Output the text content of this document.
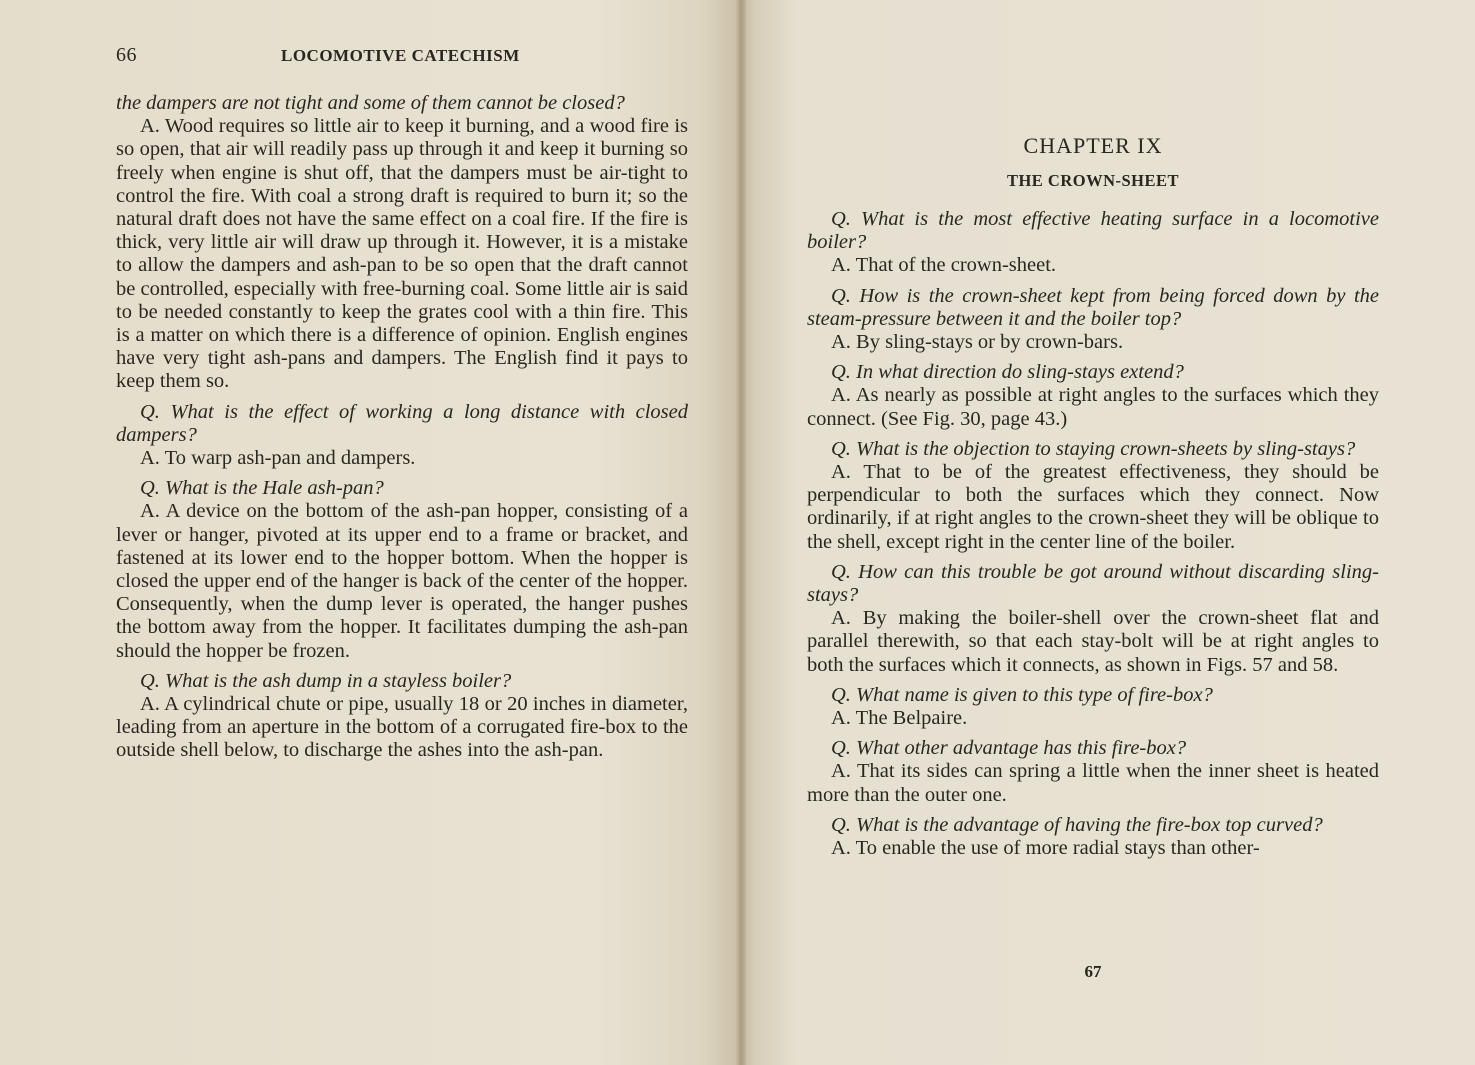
66	LOCOMOTIVE CATECHISM

the dampers are not tight and some of them cannot be closed?

A. Wood requires so little air to keep it burning, and a wood fire is so open, that air will readily pass up through it and keep it burning so freely when engine is shut off, that the dampers must be air-tight to control the fire. With coal a strong draft is required to burn it; so the natural draft does not have the same effect on a coal fire. If the fire is thick, very little air will draw up through it. However, it is a mistake to allow the dampers and ash-pan to be so open that the draft cannot be controlled, especially with free-burning coal. Some little air is said to be needed constantly to keep the grates cool with a thin fire. This is a matter on which there is a difference of opinion. English engines have very tight ash-pans and dampers. The English find it pays to keep them so.

Q. What is the effect of working a long distance with closed dampers?

A. To warp ash-pan and dampers.

Q. What is the Hale ash-pan?

A. A device on the bottom of the ash-pan hopper, consisting of a lever or hanger, pivoted at its upper end to a frame or bracket, and fastened at its lower end to the hopper bottom. When the hopper is closed the upper end of the hanger is back of the center of the hopper. Consequently, when the dump lever is operated, the hanger pushes the bottom away from the hopper. It facilitates dumping the ash-pan should the hopper be frozen.

Q. What is the ash dump in a stayless boiler?

A. A cylindrical chute or pipe, usually 18 or 20 inches in diameter, leading from an aperture in the bottom of a corrugated fire-box to the outside shell below, to discharge the ashes into the ash-pan.

CHAPTER IX
THE CROWN-SHEET

Q. What is the most effective heating surface in a locomotive boiler?

A. That of the crown-sheet.

Q. How is the crown-sheet kept from being forced down by the steam-pressure between it and the boiler top?

A. By sling-stays or by crown-bars.

Q. In what direction do sling-stays extend?

A. As nearly as possible at right angles to the surfaces which they connect. (See Fig. 30, page 43.)

Q. What is the objection to staying crown-sheets by sling-stays?

A. That to be of the greatest effectiveness, they should be perpendicular to both the surfaces which they connect. Now ordinarily, if at right angles to the crown-sheet they will be oblique to the shell, except right in the center line of the boiler.

Q. How can this trouble be got around without discarding sling-stays?

A. By making the boiler-shell over the crown-sheet flat and parallel therewith, so that each stay-bolt will be at right angles to both the surfaces which it connects, as shown in Figs. 57 and 58.

Q. What name is given to this type of fire-box?

A. The Belpaire.

Q. What other advantage has this fire-box?

A. That its sides can spring a little when the inner sheet is heated more than the outer one.

Q. What is the advantage of having the fire-box top curved?

A. To enable the use of more radial stays than other-

67
